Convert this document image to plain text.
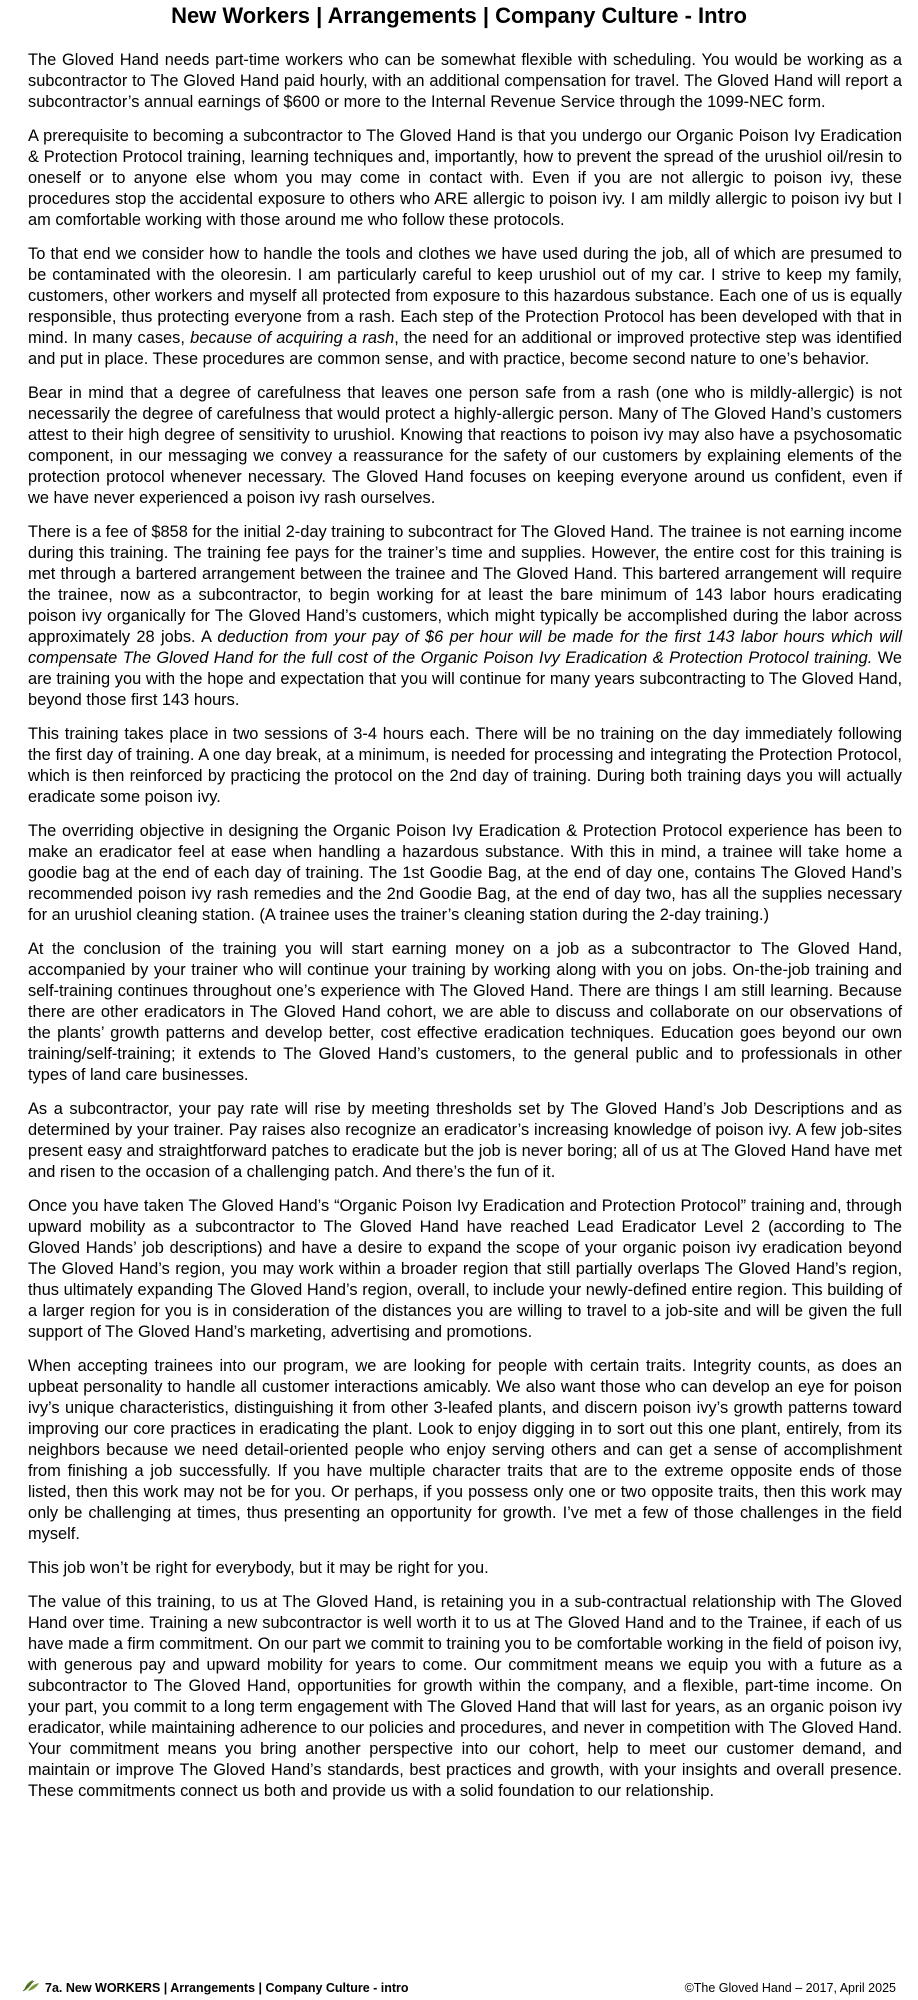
New Workers | Arrangements | Company Culture - Intro

The Gloved Hand needs part-time workers who can be somewhat flexible with scheduling. You would be working as a subcontractor to The Gloved Hand paid hourly, with an additional compensation for travel. The Gloved Hand will report a subcontractor’s annual earnings of $600 or more to the Internal Revenue Service through the 1099-NEC form.

A prerequisite to becoming a subcontractor to The Gloved Hand is that you undergo our Organic Poison Ivy Eradication & Protection Protocol training, learning techniques and, importantly, how to prevent the spread of the urushiol oil/resin to oneself or to anyone else whom you may come in contact with. Even if you are not allergic to poison ivy, these procedures stop the accidental exposure to others who ARE allergic to poison ivy. I am mildly allergic to poison ivy but I am comfortable working with those around me who follow these protocols.

To that end we consider how to handle the tools and clothes we have used during the job, all of which are presumed to be contaminated with the oleoresin. I am particularly careful to keep urushiol out of my car. I strive to keep my family, customers, other workers and myself all protected from exposure to this hazardous substance. Each one of us is equally responsible, thus protecting everyone from a rash. Each step of the Protection Protocol has been developed with that in mind. In many cases, because of acquiring a rash, the need for an additional or improved protective step was identified and put in place. These procedures are common sense, and with practice, become second nature to one’s behavior.

Bear in mind that a degree of carefulness that leaves one person safe from a rash (one who is mildly-allergic) is not necessarily the degree of carefulness that would protect a highly-allergic person. Many of The Gloved Hand’s customers attest to their high degree of sensitivity to urushiol. Knowing that reactions to poison ivy may also have a psychosomatic component, in our messaging we convey a reassurance for the safety of our customers by explaining elements of the protection protocol whenever necessary. The Gloved Hand focuses on keeping everyone around us confident, even if we have never experienced a poison ivy rash ourselves.

There is a fee of $858 for the initial 2-day training to subcontract for The Gloved Hand. The trainee is not earning income during this training. The training fee pays for the trainer’s time and supplies. However, the entire cost for this training is met through a bartered arrangement between the trainee and The Gloved Hand. This bartered arrangement will require the trainee, now as a subcontractor, to begin working for at least the bare minimum of 143 labor hours eradicating poison ivy organically for The Gloved Hand’s customers, which might typically be accomplished during the labor across approximately 28 jobs. A deduction from your pay of $6 per hour will be made for the first 143 labor hours which will compensate The Gloved Hand for the full cost of the Organic Poison Ivy Eradication & Protection Protocol training. We are training you with the hope and expectation that you will continue for many years subcontracting to The Gloved Hand, beyond those first 143 hours.

This training takes place in two sessions of 3-4 hours each. There will be no training on the day immediately following the first day of training. A one day break, at a minimum, is needed for processing and integrating the Protection Protocol, which is then reinforced by practicing the protocol on the 2nd day of training. During both training days you will actually eradicate some poison ivy.

The overriding objective in designing the Organic Poison Ivy Eradication & Protection Protocol experience has been to make an eradicator feel at ease when handling a hazardous substance. With this in mind, a trainee will take home a goodie bag at the end of each day of training. The 1st Goodie Bag, at the end of day one, contains The Gloved Hand’s recommended poison ivy rash remedies and the 2nd Goodie Bag, at the end of day two, has all the supplies necessary for an urushiol cleaning station. (A trainee uses the trainer’s cleaning station during the 2-day training.)

At the conclusion of the training you will start earning money on a job as a subcontractor to The Gloved Hand, accompanied by your trainer who will continue your training by working along with you on jobs. On-the-job training and self-training continues throughout one’s experience with The Gloved Hand. There are things I am still learning. Because there are other eradicators in The Gloved Hand cohort, we are able to discuss and collaborate on our observations of the plants’ growth patterns and develop better, cost effective eradication techniques. Education goes beyond our own training/self-training; it extends to The Gloved Hand’s customers, to the general public and to professionals in other types of land care businesses.

As a subcontractor, your pay rate will rise by meeting thresholds set by The Gloved Hand’s Job Descriptions and as determined by your trainer. Pay raises also recognize an eradicator’s increasing knowledge of poison ivy. A few job-sites present easy and straightforward patches to eradicate but the job is never boring; all of us at The Gloved Hand have met and risen to the occasion of a challenging patch. And there’s the fun of it.

Once you have taken The Gloved Hand’s “Organic Poison Ivy Eradication and Protection Protocol” training and, through upward mobility as a subcontractor to The Gloved Hand have reached Lead Eradicator Level 2 (according to The Gloved Hands’ job descriptions) and have a desire to expand the scope of your organic poison ivy eradication beyond The Gloved Hand’s region, you may work within a broader region that still partially overlaps The Gloved Hand’s region, thus ultimately expanding The Gloved Hand’s region, overall, to include your newly-defined entire region. This building of a larger region for you is in consideration of the distances you are willing to travel to a job-site and will be given the full support of The Gloved Hand’s marketing, advertising and promotions.

When accepting trainees into our program, we are looking for people with certain traits. Integrity counts, as does an upbeat personality to handle all customer interactions amicably. We also want those who can develop an eye for poison ivy’s unique characteristics, distinguishing it from other 3-leafed plants, and discern poison ivy’s growth patterns toward improving our core practices in eradicating the plant. Look to enjoy digging in to sort out this one plant, entirely, from its neighbors because we need detail-oriented people who enjoy serving others and can get a sense of accomplishment from finishing a job successfully. If you have multiple character traits that are to the extreme opposite ends of those listed, then this work may not be for you. Or perhaps, if you possess only one or two opposite traits, then this work may only be challenging at times, thus presenting an opportunity for growth. I’ve met a few of those challenges in the field myself.

This job won’t be right for everybody, but it may be right for you.

The value of this training, to us at The Gloved Hand, is retaining you in a sub-contractual relationship with The Gloved Hand over time. Training a new subcontractor is well worth it to us at The Gloved Hand and to the Trainee, if each of us have made a firm commitment. On our part we commit to training you to be comfortable working in the field of poison ivy, with generous pay and upward mobility for years to come. Our commitment means we equip you with a future as a subcontractor to The Gloved Hand, opportunities for growth within the company, and a flexible, part-time income. On your part, you commit to a long term engagement with The Gloved Hand that will last for years, as an organic poison ivy eradicator, while maintaining adherence to our policies and procedures, and never in competition with The Gloved Hand. Your commitment means you bring another perspective into our cohort, help to meet our customer demand, and maintain or improve The Gloved Hand’s standards, best practices and growth, with your insights and overall presence. These commitments connect us both and provide us with a solid foundation to our relationship.

7a. New WORKERS | Arrangements | Company Culture - intro	©The Gloved Hand – 2017, April 2025
